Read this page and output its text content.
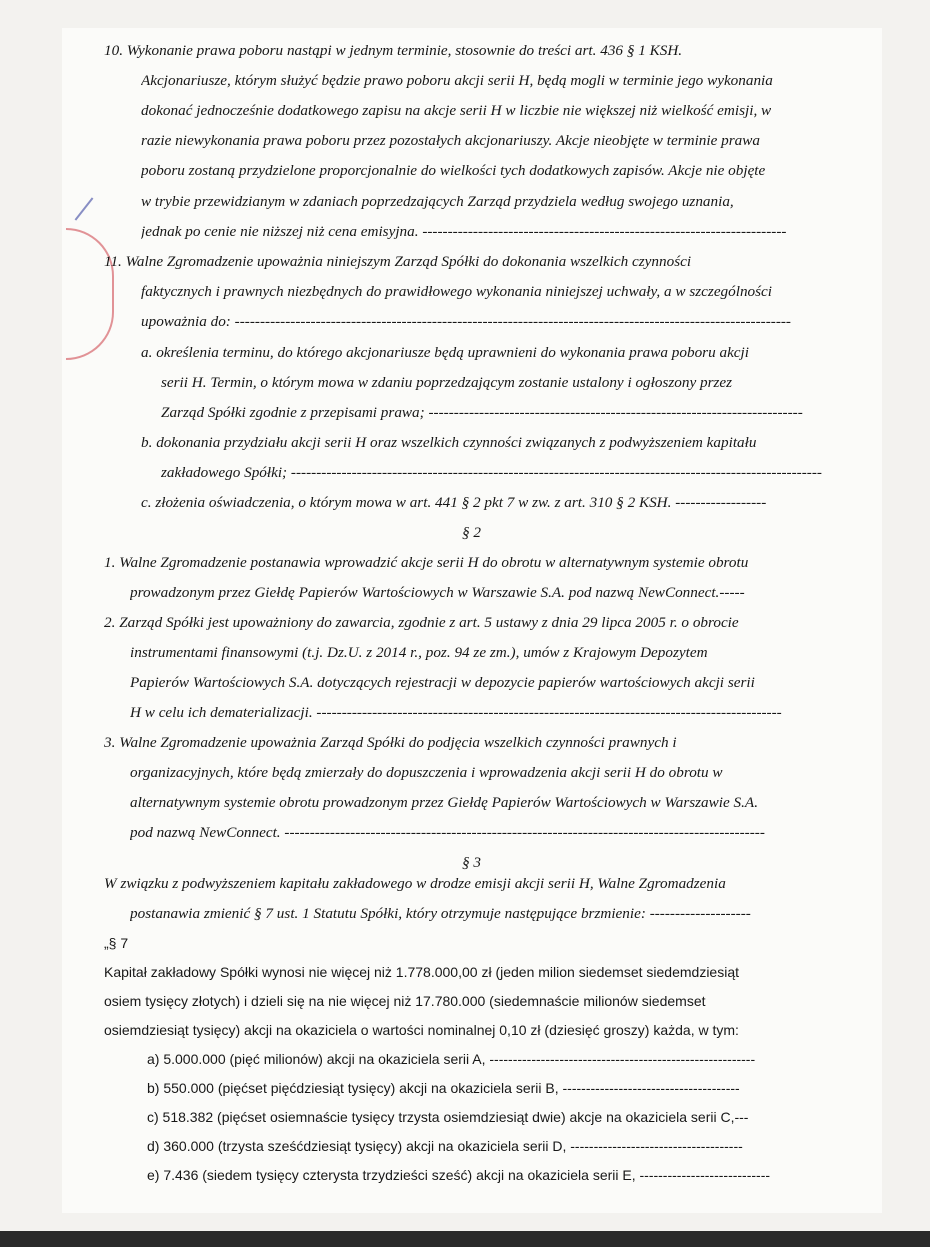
10. Wykonanie prawa poboru nastąpi w jednym terminie, stosownie do treści art. 436 § 1 KSH.
Akcjonariusze, którym służyć będzie prawo poboru akcji serii H, będą mogli w terminie jego wykonania
dokonać jednocześnie dodatkowego zapisu na akcje serii H w liczbie nie większej niż wielkość emisji, w
razie niewykonania prawa poboru przez pozostałych akcjonariuszy. Akcje nieobjęte w terminie prawa
poboru zostaną przydzielone proporcjonalnie do wielkości tych dodatkowych zapisów. Akcje nie objęte
w trybie przewidzianym w zdaniach poprzedzających Zarząd przydziela według swojego uznania,
jednak po cenie nie niższej niż cena emisyjna. ------------------------------------------------------------------------
11. Walne Zgromadzenie upoważnia niniejszym Zarząd Spółki do dokonania wszelkich czynności
faktycznych i prawnych niezbędnych do prawidłowego wykonania niniejszej uchwały, a w szczególności
upoważnia do: --------------------------------------------------------------------------------------------------------------
a. określenia terminu, do którego akcjonariusze będą uprawnieni do wykonania prawa poboru akcji
serii H. Termin, o którym mowa w zdaniu poprzedzającym zostanie ustalony i ogłoszony przez
Zarząd Spółki zgodnie z przepisami prawa; --------------------------------------------------------------------------
b. dokonania przydziału akcji serii H oraz wszelkich czynności związanych z podwyższeniem kapitału
zakładowego Spółki; ---------------------------------------------------------------------------------------------------------
c. złożenia oświadczenia, o którym mowa w art. 441 § 2 pkt 7 w zw. z art. 310 § 2 KSH. ------------------
§ 2
1. Walne Zgromadzenie postanawia wprowadzić akcje serii H do obrotu w alternatywnym systemie obrotu
prowadzonym przez Giełdę Papierów Wartościowych w Warszawie S.A. pod nazwą NewConnect.-----
2. Zarząd Spółki jest upoważniony do zawarcia, zgodnie z art. 5 ustawy z dnia 29 lipca 2005 r. o obrocie
instrumentami finansowymi (t.j. Dz.U. z 2014 r., poz. 94 ze zm.), umów z Krajowym Depozytem
Papierów Wartościowych S.A. dotyczących rejestracji w depozycie papierów wartościowych akcji serii
H w celu ich dematerializacji. --------------------------------------------------------------------------------------------
3. Walne Zgromadzenie upoważnia Zarząd Spółki do podjęcia wszelkich czynności prawnych i
organizacyjnych, które będą zmierzały do dopuszczenia i wprowadzenia akcji serii H do obrotu w
alternatywnym systemie obrotu prowadzonym przez Giełdę Papierów Wartościowych w Warszawie S.A.
pod nazwą NewConnect. -----------------------------------------------------------------------------------------------
§ 3
W związku z podwyższeniem kapitału zakładowego w drodze emisji akcji serii H, Walne Zgromadzenia
postanawia zmienić § 7 ust. 1 Statutu Spółki, który otrzymuje następujące brzmienie: --------------------
„§ 7
Kapitał zakładowy Spółki wynosi nie więcej niż 1.778.000,00 zł (jeden milion siedemset siedemdziesiąt
osiem tysięcy złotych) i dzieli się na nie więcej niż 17.780.000 (siedemnaście milionów siedemset
osiemdziesiąt tysięcy) akcji na okaziciela o wartości nominalnej 0,10 zł (dziesięć groszy) każda, w tym:
a) 5.000.000 (pięć milionów) akcji na okaziciela serii A, ---------------------------------------------------------
b) 550.000 (pięćset pięćdziesiąt tysięcy) akcji na okaziciela serii B, --------------------------------------
c) 518.382 (pięćset osiemnaście tysięcy trzysta osiemdziesiąt dwie) akcje na okaziciela serii C,---
d) 360.000 (trzysta sześćdziesiąt tysięcy) akcji na okaziciela serii D, -------------------------------------
e) 7.436 (siedem tysięcy czterysta trzydzieści sześć) akcji na okaziciela serii E, ----------------------------
